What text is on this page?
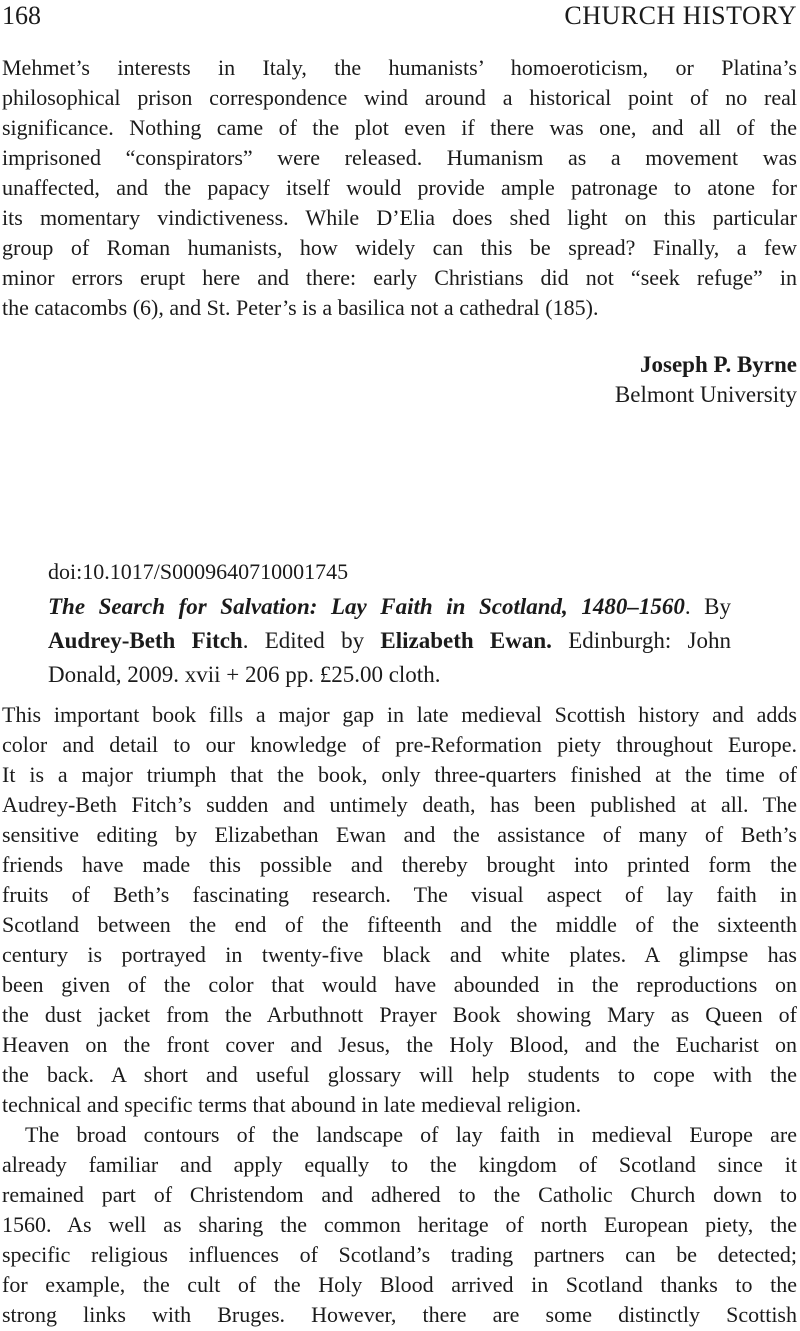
168	CHURCH HISTORY
Mehmet’s interests in Italy, the humanists’ homoeroticism, or Platina’s
philosophical prison correspondence wind around a historical point of no real
significance. Nothing came of the plot even if there was one, and all of the
imprisoned “conspirators” were released. Humanism as a movement was
unaffected, and the papacy itself would provide ample patronage to atone for
its momentary vindictiveness. While D’Elia does shed light on this particular
group of Roman humanists, how widely can this be spread? Finally, a few
minor errors erupt here and there: early Christians did not “seek refuge” in
the catacombs (6), and St. Peter’s is a basilica not a cathedral (185).
Joseph P. Byrne
Belmont University
doi:10.1017/S0009640710001745
The Search for Salvation: Lay Faith in Scotland, 1480–1560. By
Audrey-Beth Fitch. Edited by Elizabeth Ewan. Edinburgh: John
Donald, 2009. xvii + 206 pp. £25.00 cloth.
This important book fills a major gap in late medieval Scottish history and adds
color and detail to our knowledge of pre-Reformation piety throughout Europe.
It is a major triumph that the book, only three-quarters finished at the time of
Audrey-Beth Fitch’s sudden and untimely death, has been published at all. The
sensitive editing by Elizabethan Ewan and the assistance of many of Beth’s
friends have made this possible and thereby brought into printed form the
fruits of Beth’s fascinating research. The visual aspect of lay faith in
Scotland between the end of the fifteenth and the middle of the sixteenth
century is portrayed in twenty-five black and white plates. A glimpse has
been given of the color that would have abounded in the reproductions on
the dust jacket from the Arbuthnott Prayer Book showing Mary as Queen of
Heaven on the front cover and Jesus, the Holy Blood, and the Eucharist on
the back. A short and useful glossary will help students to cope with the
technical and specific terms that abound in late medieval religion.
The broad contours of the landscape of lay faith in medieval Europe are
already familiar and apply equally to the kingdom of Scotland since it
remained part of Christendom and adhered to the Catholic Church down to
1560. As well as sharing the common heritage of north European piety, the
specific religious influences of Scotland’s trading partners can be detected;
for example, the cult of the Holy Blood arrived in Scotland thanks to the
strong links with Bruges. However, there are some distinctly Scottish
